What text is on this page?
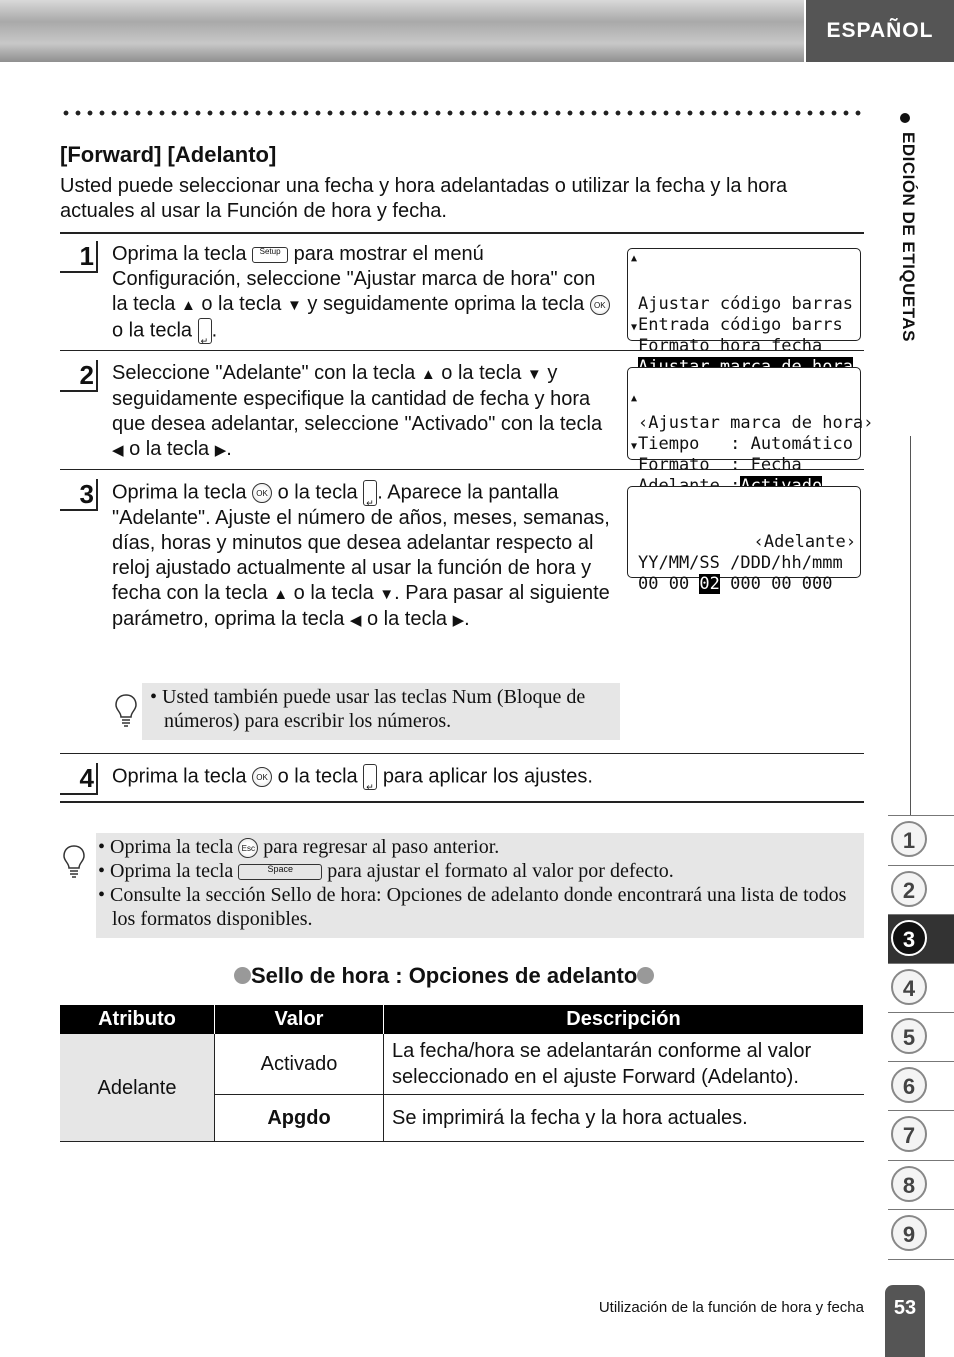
ESPAÑOL
[Forward] [Adelanto]
Usted puede seleccionar una fecha y hora adelantadas o utilizar la fecha y la hora actuales al usar la Función de hora y fecha.
1 Oprima la tecla Setup para mostrar el menú Configuración, seleccione "Ajustar marca de hora" con la tecla ▲ o la tecla ▼ y seguidamente oprima la tecla OK o la tecla ↵ .

▲
▼
Ajustar código barras
Entrada código barrs
Formato hora fecha

2 Seleccione "Adelante" con la tecla ▲ o la tecla ▼ y seguidamente especifique la cantidad de fecha y hora que desea adelantar, seleccione "Activado" con la tecla ◀ o la tecla ▶.

▲
▼
‹Ajustar marca de hora›
Tiempo   : Automático
Formato  : Fecha

3 Oprima la tecla OK o la tecla ↵ . Aparece la pantalla "Adelante". Ajuste el número de años, meses, semanas, días, horas y minutos que desea adelantar respecto al reloj ajustado actualmente al usar la función de hora y fecha con la tecla ▲ o la tecla ▼. Para pasar al siguiente parámetro, oprima la tecla ◀ o la tecla ▶.

‹Adelante›
YY/MM/SS /DDD/hh/mmm
00 00 02 000 00 000

• Usted también puede usar las teclas Num (Bloque de números) para escribir los números.
4 Oprima la tecla OK o la tecla ↵ para aplicar los ajustes.
• Oprima la tecla Esc para regresar al paso anterior.
• Oprima la tecla	Space para ajustar el formato al valor por defecto.
• Consulte la sección Sello de hora: Opciones de adelanto donde encontrará una lista de todos los formatos disponibles.
Sello de hora : Opciones de adelanto
Atributo	Valor	Descripción
Adelante	Activado	La fecha/hora se adelantarán conforme al valor seleccionado en el ajuste Forward (Adelanto).
	Apgdo	Se imprimirá la fecha y la hora actuales.
EDICIÓN DE ETIQUETAS
1
2
3
4
5
6
7
8
9
Utilización de la función de hora y fecha	53
